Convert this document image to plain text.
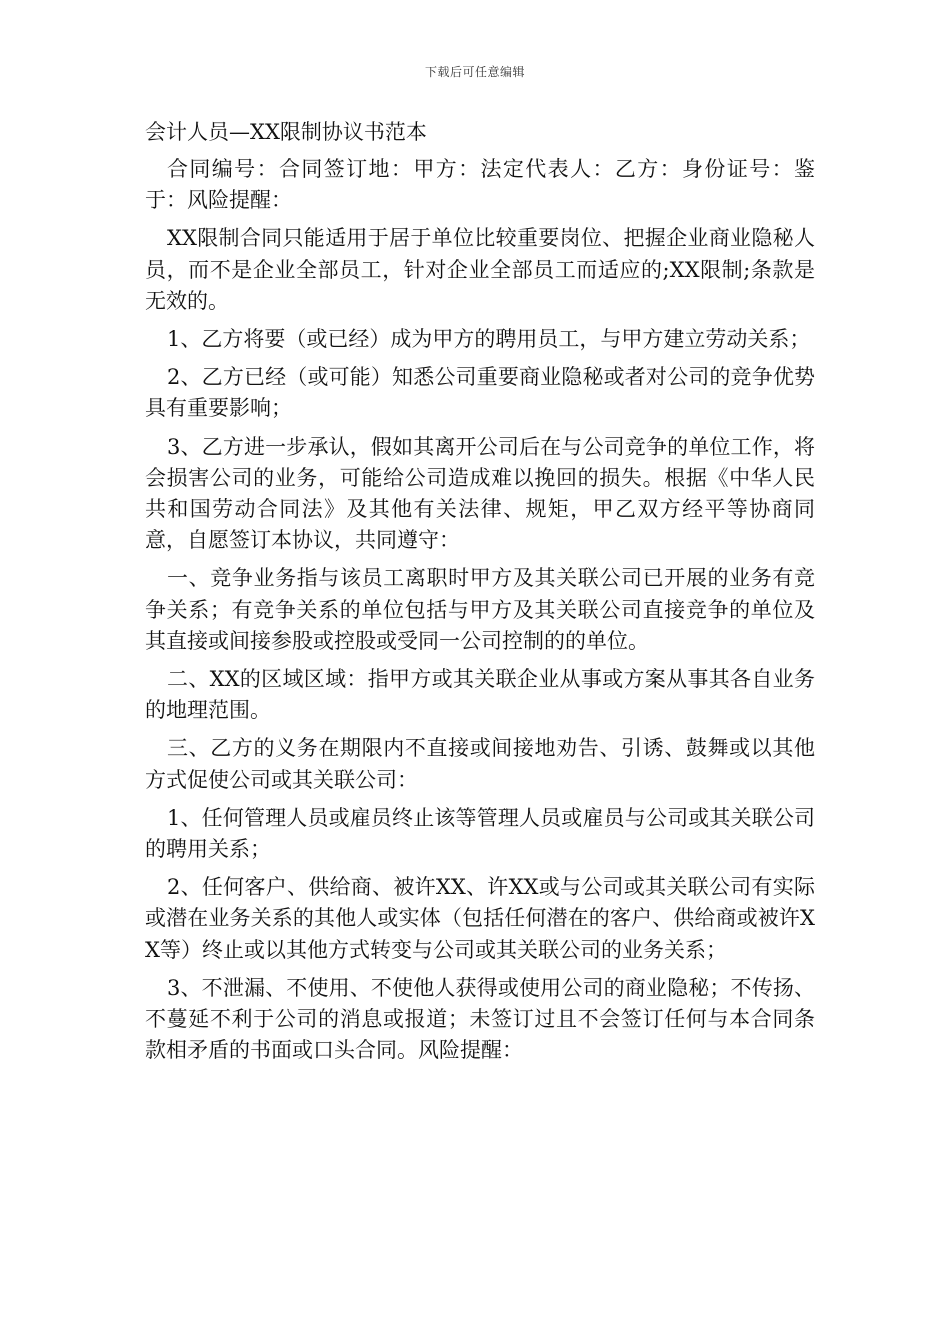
下载后可任意编辑
会计人员—XX限制协议书范本

合同编号：合同签订地：甲方：法定代表人：乙方：身份证号：鉴于：风险提醒：

XX限制合同只能适用于居于单位比较重要岗位、把握企业商业隐秘人员，而不是企业全部员工，针对企业全部员工而适应的;XX限制;条款是无效的。

1、乙方将要（或已经）成为甲方的聘用员工，与甲方建立劳动关系；

2、乙方已经（或可能）知悉公司重要商业隐秘或者对公司的竞争优势具有重要影响；

3、乙方进一步承认，假如其离开公司后在与公司竞争的单位工作，将会损害公司的业务，可能给公司造成难以挽回的损失。根据《中华人民共和国劳动合同法》及其他有关法律、规矩，甲乙双方经平等协商同意，自愿签订本协议，共同遵守：

一、竞争业务指与该员工离职时甲方及其关联公司已开展的业务有竞争关系；有竞争关系的单位包括与甲方及其关联公司直接竞争的单位及其直接或间接参股或控股或受同一公司控制的的单位。

二、XX的区域区域：指甲方或其关联企业从事或方案从事其各自业务的地理范围。

三、乙方的义务在期限内不直接或间接地劝告、引诱、鼓舞或以其他方式促使公司或其关联公司：

1、任何管理人员或雇员终止该等管理人员或雇员与公司或其关联公司的聘用关系；

2、任何客户、供给商、被许XX、许XX或与公司或其关联公司有实际或潜在业务关系的其他人或实体（包括任何潜在的客户、供给商或被许XX等）终止或以其他方式转变与公司或其关联公司的业务关系；

3、不泄漏、不使用、不使他人获得或使用公司的商业隐秘；不传扬、不蔓延不利于公司的消息或报道；未签订过且不会签订任何与本合同条款相矛盾的书面或口头合同。风险提醒：
